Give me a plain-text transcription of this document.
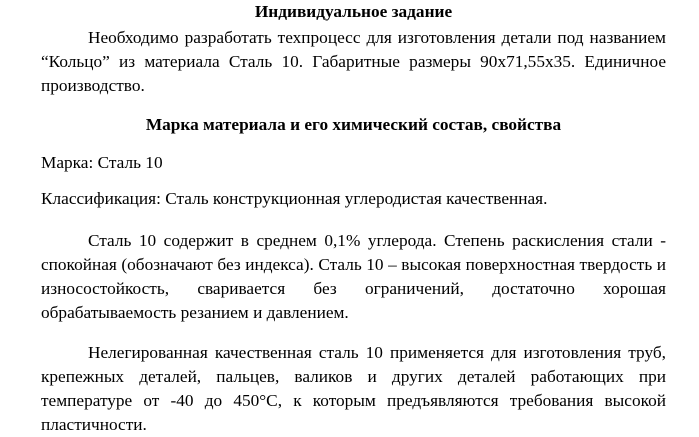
Индивидуальное задание
Необходимо разработать техпроцесс для изготовления детали под названием “Кольцо” из материала Сталь 10. Габаритные размеры 90х71,55х35. Единичное производство.
Марка материала и его химический состав, свойства
Марка: Сталь 10
Классификация: Сталь конструкционная углеродистая качественная.
Сталь 10 содержит в среднем 0,1% углерода. Степень раскисления стали - спокойная (обозначают без индекса). Сталь 10 – высокая поверхностная твердость и износостойкость, сваривается без ограничений, достаточно хорошая обрабатываемость резанием и давлением.
Нелегированная качественная сталь 10 применяется для изготовления труб, крепежных деталей, пальцев, валиков и других деталей работающих при температуре от -40 до 450°С, к которым предъявляются требования высокой пластичности.
